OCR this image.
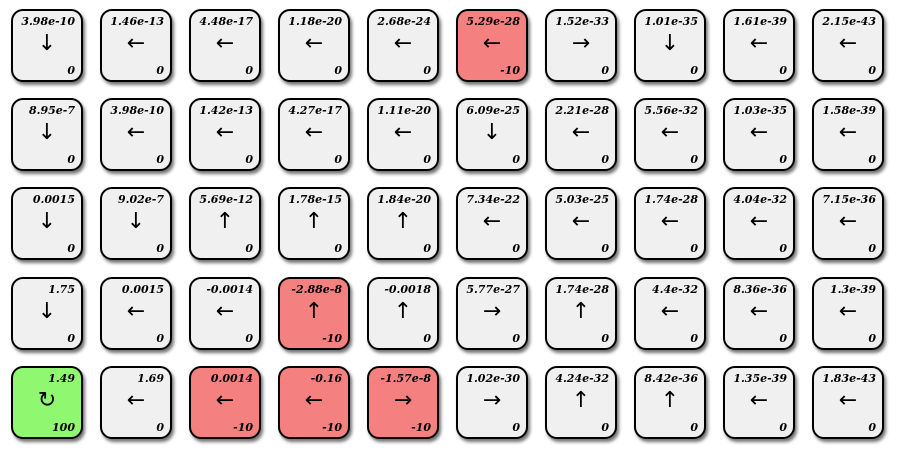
3.98e-10
↓
0
1.46e-13
←
0
4.48e-17
←
0
1.18e-20
←
0
2.68e-24
←
0
5.29e-28
←
-10
1.52e-33
→
0
1.01e-35
↓
0
1.61e-39
←
0
2.15e-43
←
0
8.95e-7
↓
0
3.98e-10
←
0
1.42e-13
←
0
4.27e-17
←
0
1.11e-20
←
0
6.09e-25
↓
0
2.21e-28
←
0
5.56e-32
←
0
1.03e-35
←
0
1.58e-39
←
0
0.0015
↓
0
9.02e-7
↓
0
5.69e-12
↑
0
1.78e-15
↑
0
1.84e-20
↑
0
7.34e-22
←
0
5.03e-25
←
0
1.74e-28
←
0
4.04e-32
←
0
7.15e-36
←
0
1.75
↓
0
0.0015
←
0
-0.0014
←
0
-2.88e-8
↑
-10
-0.0018
↑
0
5.77e-27
→
0
1.74e-28
↑
0
4.4e-32
←
0
8.36e-36
←
0
1.3e-39
←
0
1.49
↻
100
1.69
←
0
0.0014
←
-10
-0.16
←
-10
-1.57e-8
→
-10
1.02e-30
→
0
4.24e-32
↑
0
8.42e-36
↑
0
1.35e-39
←
0
1.83e-43
←
0
